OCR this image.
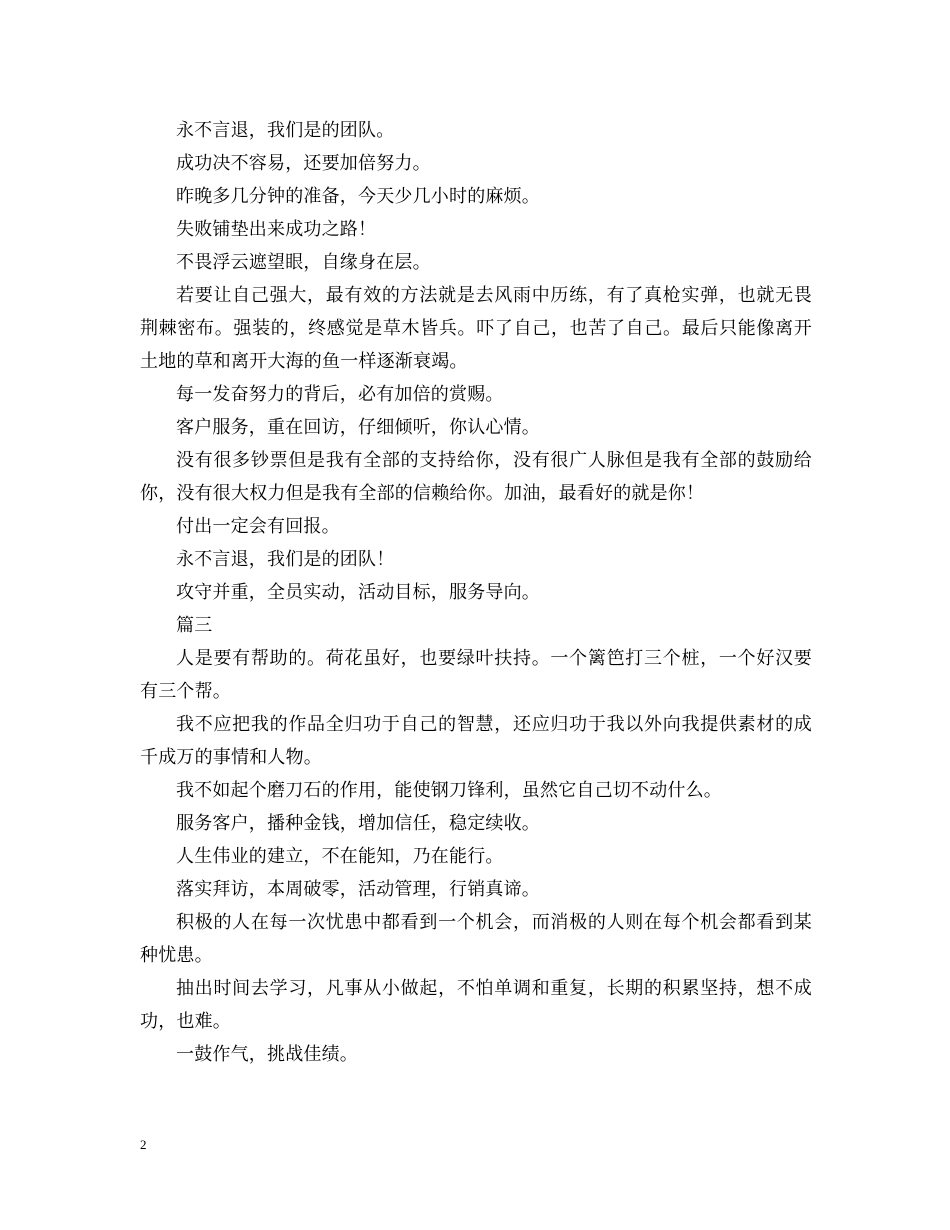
永不言退，我们是的团队。

成功决不容易，还要加倍努力。

昨晚多几分钟的准备，今天少几小时的麻烦。

失败铺垫出来成功之路！

不畏浮云遮望眼，自缘身在层。

若要让自己强大，最有效的方法就是去风雨中历练，有了真枪实弹，也就无畏荆棘密布。强装的，终感觉是草木皆兵。吓了自己，也苦了自己。最后只能像离开土地的草和离开大海的鱼一样逐渐衰竭。

每一发奋努力的背后，必有加倍的赏赐。

客户服务，重在回访，仔细倾听，你认心情。

没有很多钞票但是我有全部的支持给你，没有很广人脉但是我有全部的鼓励给你，没有很大权力但是我有全部的信赖给你。加油，最看好的就是你！

付出一定会有回报。

永不言退，我们是的团队！

攻守并重，全员实动，活动目标，服务导向。

篇三

人是要有帮助的。荷花虽好，也要绿叶扶持。一个篱笆打三个桩，一个好汉要有三个帮。

我不应把我的作品全归功于自己的智慧，还应归功于我以外向我提供素材的成千成万的事情和人物。

我不如起个磨刀石的作用，能使钢刀锋利，虽然它自己切不动什么。

服务客户，播种金钱，增加信任，稳定续收。

人生伟业的建立，不在能知，乃在能行。

落实拜访，本周破零，活动管理，行销真谛。

积极的人在每一次忧患中都看到一个机会，而消极的人则在每个机会都看到某种忧患。

抽出时间去学习，凡事从小做起，不怕单调和重复，长期的积累坚持，想不成功，也难。

一鼓作气，挑战佳绩。

2
